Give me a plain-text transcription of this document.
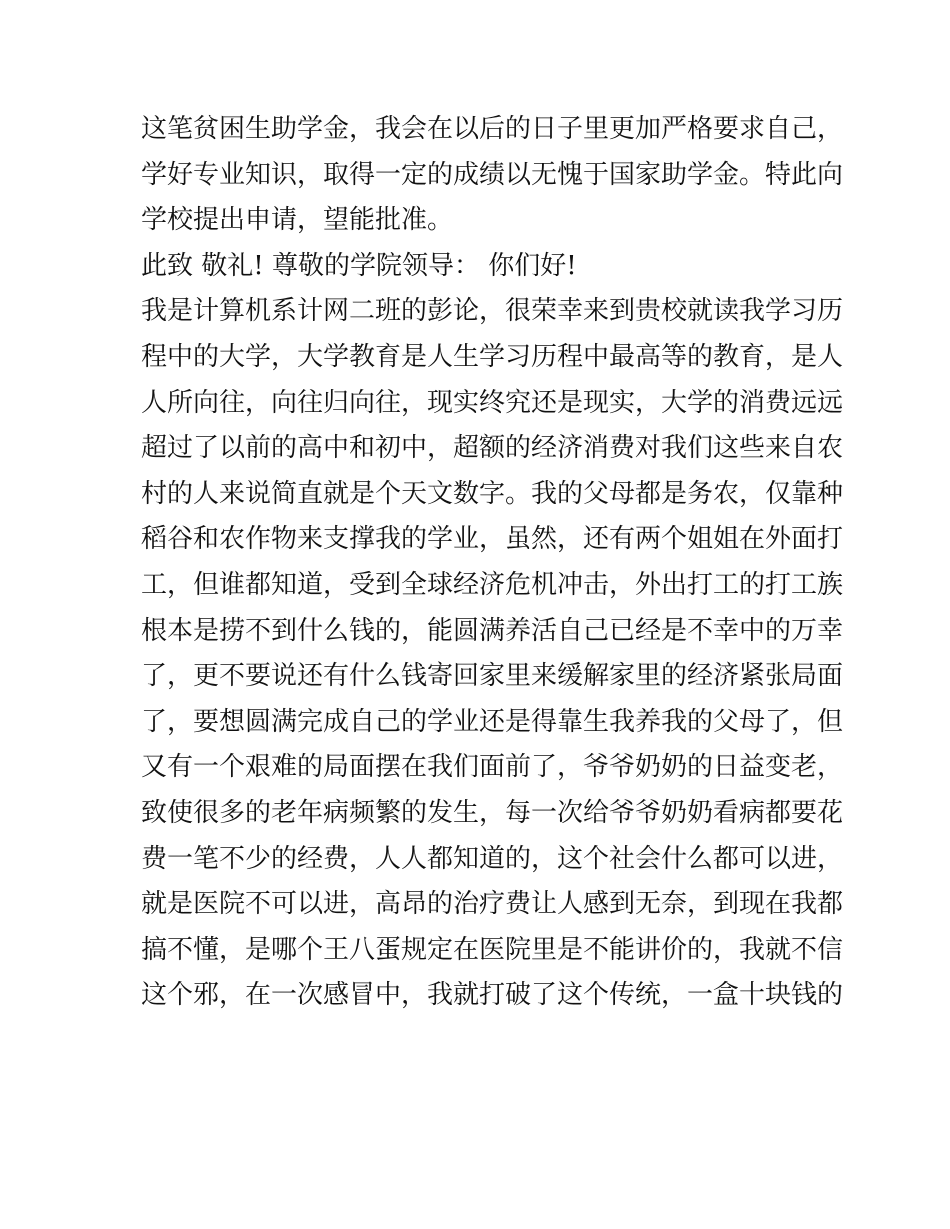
这笔贫困生助学金，我会在以后的日子里更加严格要求自己，
学好专业知识，取得一定的成绩以无愧于国家助学金。特此向
学校提出申请，望能批准。
此致 敬礼! 尊敬的学院领导： 你们好!
我是计算机系计网二班的彭论，很荣幸来到贵校就读我学习历
程中的大学，大学教育是人生学习历程中最高等的教育，是人
人所向往，向往归向往，现实终究还是现实，大学的消费远远
超过了以前的高中和初中，超额的经济消费对我们这些来自农
村的人来说简直就是个天文数字。我的父母都是务农，仅靠种
稻谷和农作物来支撑我的学业，虽然，还有两个姐姐在外面打
工，但谁都知道，受到全球经济危机冲击，外出打工的打工族
根本是捞不到什么钱的，能圆满养活自己已经是不幸中的万幸
了，更不要说还有什么钱寄回家里来缓解家里的经济紧张局面
了，要想圆满完成自己的学业还是得靠生我养我的父母了，但
又有一个艰难的局面摆在我们面前了，爷爷奶奶的日益变老，
致使很多的老年病频繁的发生，每一次给爷爷奶奶看病都要花
费一笔不少的经费，人人都知道的，这个社会什么都可以进，
就是医院不可以进，高昂的治疗费让人感到无奈，到现在我都
搞不懂，是哪个王八蛋规定在医院里是不能讲价的，我就不信
这个邪，在一次感冒中，我就打破了这个传统，一盒十块钱的
